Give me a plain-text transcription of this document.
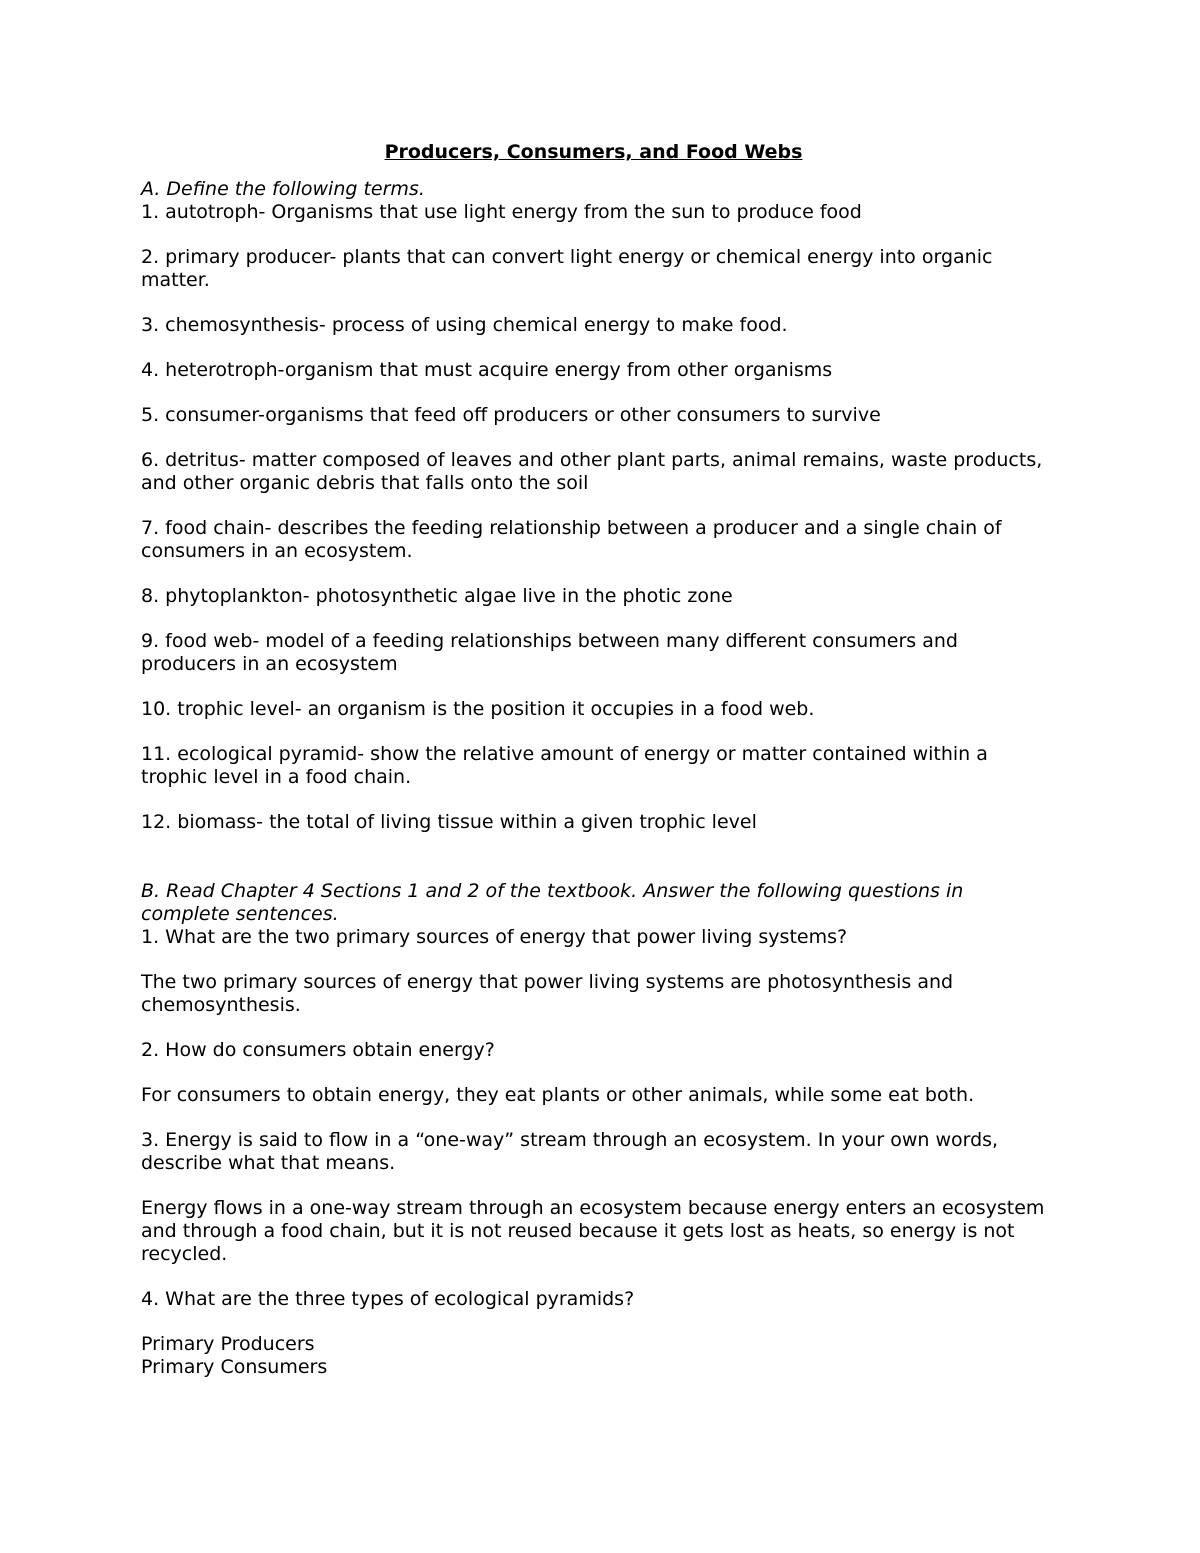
Producers, Consumers, and Food Webs

A. Define the following terms.

1. autotroph- Organisms that use light energy from the sun to produce food

2. primary producer- plants that can convert light energy or chemical energy into organic matter.

3. chemosynthesis- process of using chemical energy to make food.

4. heterotroph-organism that must acquire energy from other organisms

5. consumer-organisms that feed off producers or other consumers to survive

6. detritus- matter composed of leaves and other plant parts, animal remains, waste products, and other organic debris that falls onto the soil

7. food chain- describes the feeding relationship between a producer and a single chain of consumers in an ecosystem.

8. phytoplankton- photosynthetic algae live in the photic zone

9. food web- model of a feeding relationships between many different consumers and producers in an ecosystem

10. trophic level- an organism is the position it occupies in a food web.

11. ecological pyramid- show the relative amount of energy or matter contained within a trophic level in a food chain.

12. biomass- the total of living tissue within a given trophic level

B. Read Chapter 4 Sections 1 and 2 of the textbook. Answer the following questions in complete sentences.

1. What are the two primary sources of energy that power living systems?

The two primary sources of energy that power living systems are photosynthesis and chemosynthesis.

2. How do consumers obtain energy?

For consumers to obtain energy, they eat plants or other animals, while some eat both.

3. Energy is said to flow in a “one-way” stream through an ecosystem. In your own words, describe what that means.

Energy flows in a one-way stream through an ecosystem because energy enters an ecosystem and through a food chain, but it is not reused because it gets lost as heats, so energy is not recycled.

4. What are the three types of ecological pyramids?

Primary Producers

Primary Consumers
